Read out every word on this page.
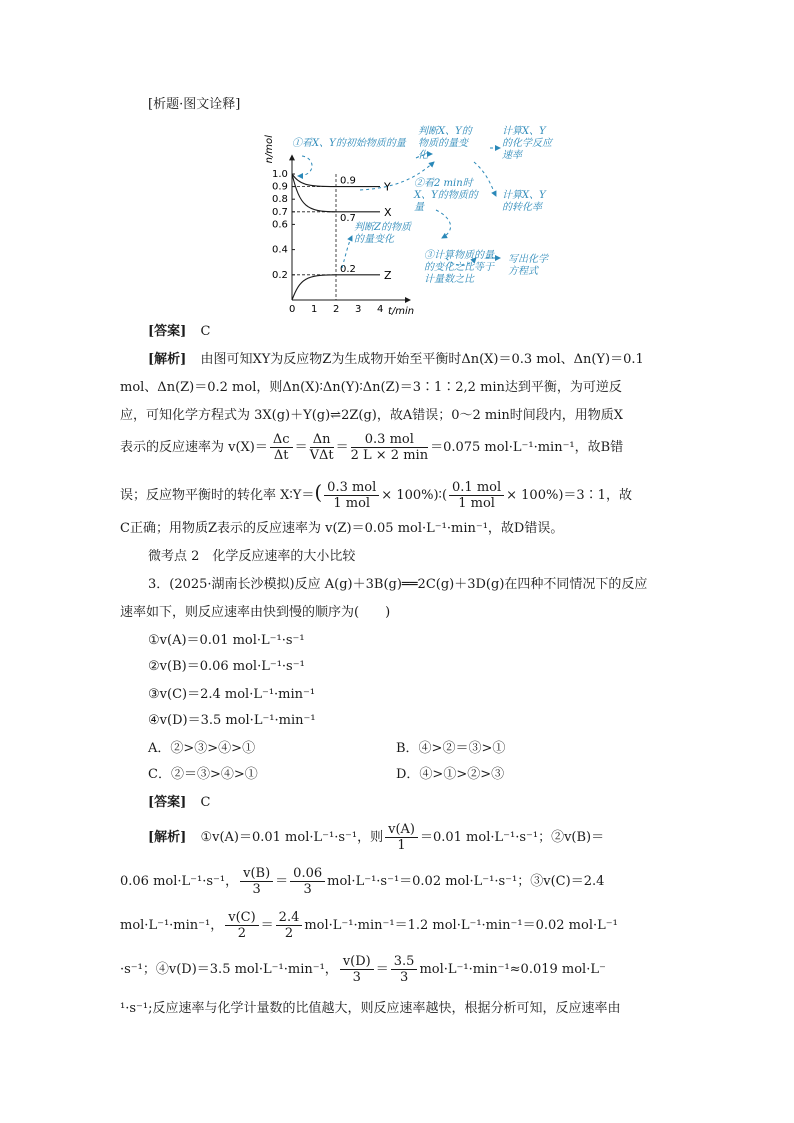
[析题·图文诠释]
n/mol
t/min
0 1 2 3 4
0.2
0.4
0.6
0.7
0.8
0.9
1.0
Y
0.9
X
0.7
Z
0.2
①看X、Y的初始物质的量
判断X、Y的物质的量变化
计算X、Y的化学反应速率
②看2 min时X、Y的物质的量
计算X、Y的转化率
判断Z的物质的量变化
③计算物质的量的变化之比等于计量数之比
写出化学方程式
[答案] C
[解析] 由图可知XY为反应物Z为生成物开始至平衡时Δn(X)＝0.3 mol、Δn(Y)＝0.1
mol、Δn(Z)＝0.2 mol，则Δn(X)∶Δn(Y)∶Δn(Z)＝3∶1∶2,2 min达到平衡，为可逆反
应，可知化学方程式为 3X(g)＋Y(g)⇌2Z(g)，故A错误；0～2 min时间段内，用物质X
表示的反应速率为 $v(X)= \frac{\Delta c}{\Delta t} = \frac{\Delta n}{\text{VΔt}} = \frac{\text{0.3 mol}}{2 L \times 2 \min} =0.075$ mol·L⁻¹·min⁻¹，故B错
误；反应物平衡时的转化率 X∶Y＝( $\frac{\text{0.3 mol}}{\text{1 mol}}$ × 100%)∶( $\frac{\text{0.1 mol}}{\text{1 mol}}$ × 100%)＝3∶1，故
C正确；用物质Z表示的反应速率为 v(Z)＝0.05 mol·L⁻¹·min⁻¹，故D错误。
微考点 2　化学反应速率的大小比较
3．(2025·湖南长沙模拟)反应 A(g)＋3B(g)══2C(g)＋3D(g)在四种不同情况下的反应
速率如下，则反应速率由快到慢的顺序为(　　)
①v(A)＝0.01 mol·L⁻¹·s⁻¹
②v(B)＝0.06 mol·L⁻¹·s⁻¹
③v(C)＝2.4 mol·L⁻¹·min⁻¹
④v(D)＝3.5 mol·L⁻¹·min⁻¹
A．②>③>④>①	B．④>②＝③>①
C．②＝③>④>①	D．④>①>②>③
[答案] C
[解析] ①v(A)＝0.01 mol·L⁻¹·s⁻¹，则 $\frac{v(A)}{1} =0.01$ mol·L⁻¹·s⁻¹；②v(B)＝
0.06 mol·L⁻¹·s⁻¹， $\frac{v(B)}{3} = \frac{0.06}{3} mol\cdot L^{-1}\cdot s^{-1}=0.02$ mol·L⁻¹·s⁻¹；③v(C)＝2.4
mol·L⁻¹·min⁻¹， $\frac{v(C)}{2} = \frac{2.4}{2} mol\cdot L^{-1}\cdot\min^{-1}=1.2$ mol·L⁻¹·min⁻¹＝0.02 mol·L⁻¹
·s⁻¹；④v(D)＝3.5 mol·L⁻¹·min⁻¹， $\frac{v(D)}{3} = \frac{3.5}{3} mol\cdot L^{-1}\cdot\min^{-1}\approx 0.019$ mol·L⁻
¹·s⁻¹;反应速率与化学计量数的比值越大，则反应速率越快，根据分析可知，反应速率由
